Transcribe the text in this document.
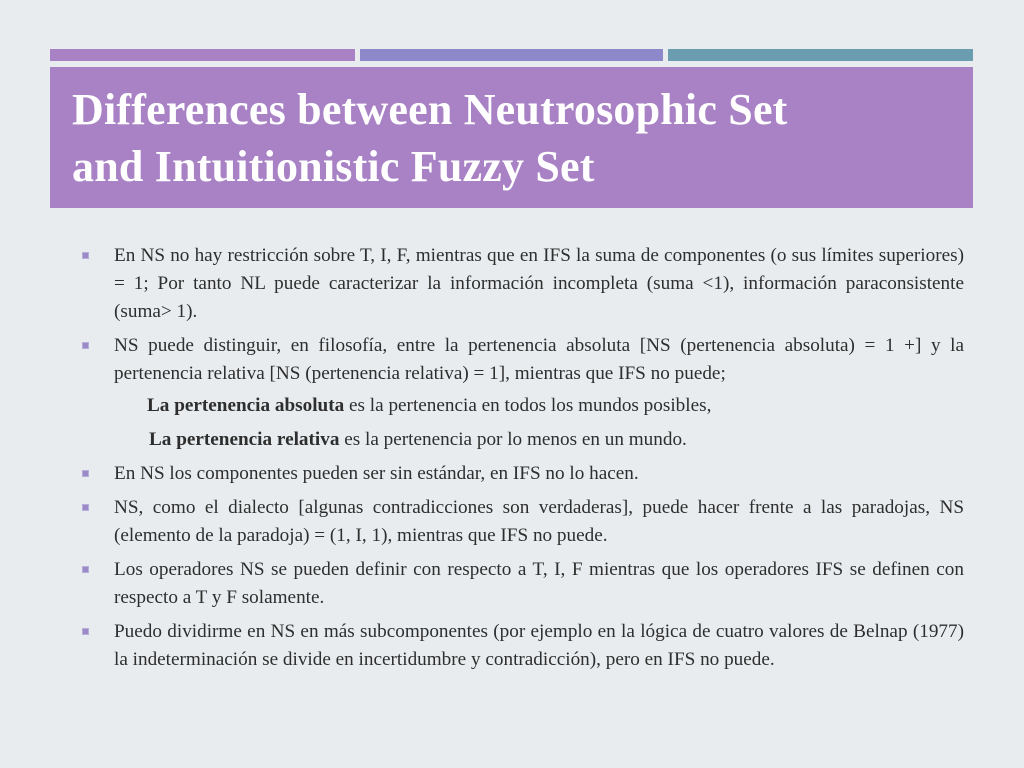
Differences between Neutrosophic Set
and Intuitionistic Fuzzy Set
En NS no hay restricción sobre T, I, F, mientras que en IFS la suma de componentes (o sus límites superiores) = 1; Por tanto NL puede caracterizar la información incompleta (suma <1), información paraconsistente (suma> 1).
NS puede distinguir, en filosofía, entre la pertenencia absoluta [NS (pertenencia absoluta) = 1 +] y la pertenencia relativa [NS (pertenencia relativa) = 1], mientras que IFS no puede;
La pertenencia absoluta es la pertenencia en todos los mundos posibles,
La pertenencia relativa es la pertenencia por lo menos en un mundo.
En NS los componentes pueden ser sin estándar, en IFS no lo hacen.
NS, como el dialecto [algunas contradicciones son verdaderas], puede hacer frente a las paradojas, NS (elemento de la paradoja) = (1, I, 1), mientras que IFS no puede.
Los operadores NS se pueden definir con respecto a T, I, F mientras que los operadores IFS se definen con respecto a T y F solamente.
Puedo dividirme en NS en más subcomponentes (por ejemplo en la lógica de cuatro valores de Belnap (1977) la indeterminación se divide en incertidumbre y contradicción), pero en IFS no puede.
